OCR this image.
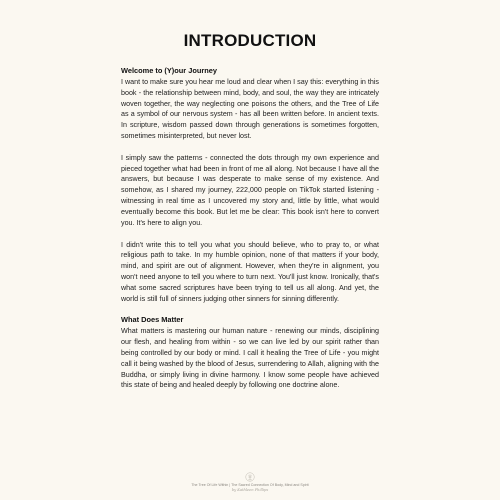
INTRODUCTION
Welcome to (Y)our Journey

I want to make sure you hear me loud and clear when I say this: everything in this book - the relationship between mind, body, and soul, the way they are intricately woven together, the way neglecting one poisons the others, and the Tree of Life as a symbol of our nervous system - has all been written before. In ancient texts. In scripture, wisdom passed down through generations is sometimes forgotten, sometimes misinterpreted, but never lost.

I simply saw the patterns - connected the dots through my own experience and pieced together what had been in front of me all along. Not because I have all the answers, but because I was desperate to make sense of my existence. And somehow, as I shared my journey, 222,000 people on TikTok started listening - witnessing in real time as I uncovered my story and, little by little, what would eventually become this book. But let me be clear: This book isn't here to convert you. It's here to align you.

I didn't write this to tell you what you should believe, who to pray to, or what religious path to take. In my humble opinion, none of that matters if your body, mind, and spirit are out of alignment. However, when they're in alignment, you won't need anyone to tell you where to turn next. You'll just know. Ironically, that's what some sacred scriptures have been trying to tell us all along. And yet, the world is still full of sinners judging other sinners for sinning differently.

What Does Matter

What matters is mastering our human nature - renewing our minds, disciplining our flesh, and healing from within - so we can live led by our spirit rather than being controlled by our body or mind. I call it healing the Tree of Life - you might call it being washed by the blood of Jesus, surrendering to Allah, aligning with the Buddha, or simply living in divine harmony. I know some people have achieved this state of being and healed deeply by following one doctrine alone.

The Tree Of Life Within | The Sacred Connection Of Body, Mind and Spirit
by Kathleen Phillips
